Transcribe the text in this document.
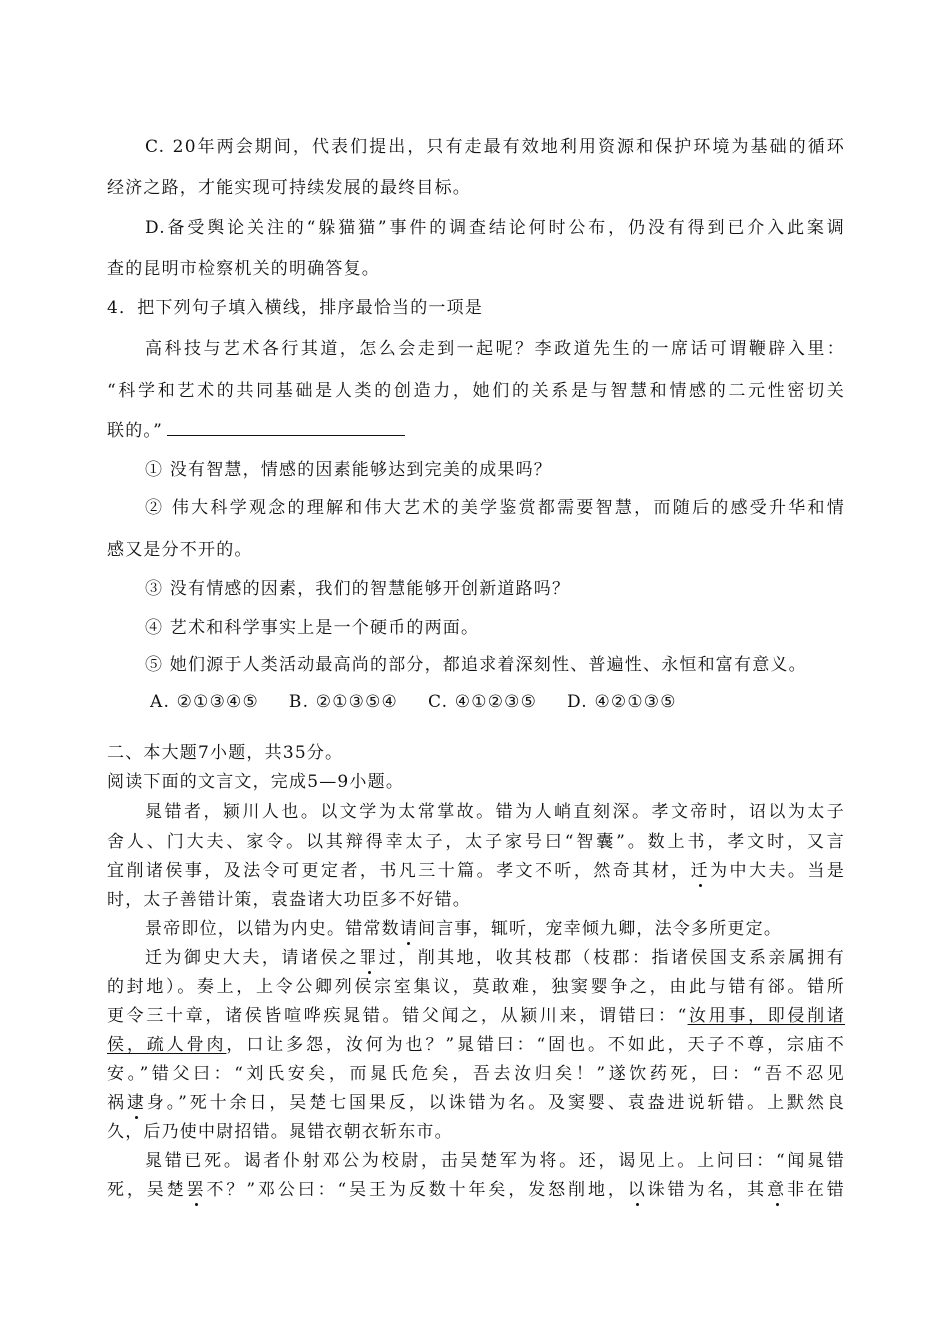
C. 20年两会期间，代表们提出，只有走最有效地利用资源和保护环境为基础的循环
经济之路，才能实现可持续发展的最终目标。
D.备受舆论关注的“躲猫猫”事件的调查结论何时公布，仍没有得到已介入此案调
查的昆明市检察机关的明确答复。
4．把下列句子填入横线，排序最恰当的一项是
高科技与艺术各行其道，怎么会走到一起呢？李政道先生的一席话可谓鞭辟入里：
“科学和艺术的共同基础是人类的创造力，她们的关系是与智慧和情感的二元性密切关
联的。”
① 没有智慧，情感的因素能够达到完美的成果吗？
② 伟大科学观念的理解和伟大艺术的美学鉴赏都需要智慧，而随后的感受升华和情
感又是分不开的。
③ 没有情感的因素，我们的智慧能够开创新道路吗？
④ 艺术和科学事实上是一个硬币的两面。
⑤ 她们源于人类活动最高尚的部分，都追求着深刻性、普遍性、永恒和富有意义。
A. ②①③④⑤ B. ②①③⑤④ C. ④①②③⑤ D. ④②①③⑤
二、本大题7小题，共35分。
阅读下面的文言文，完成5—9小题。
晁错者，颍川人也。以文学为太常掌故。错为人峭直刻深。孝文帝时，诏以为太子
舍人、门大夫、家令。以其辩得幸太子，太子家号曰“智囊”。数上书，孝文时，又言
宜削诸侯事，及法令可更定者，书凡三十篇。孝文不听，然奇其材，迁为中大夫。当是
时，太子善错计策，袁盎诸大功臣多不好错。
景帝即位，以错为内史。错常数请间言事，辄听，宠幸倾九卿，法令多所更定。
迁为御史大夫，请诸侯之罪过，削其地，收其枝郡（枝郡：指诸侯国支系亲属拥有
的封地）。奏上，上令公卿列侯宗室集议，莫敢难，独窦婴争之，由此与错有郤。错所
更令三十章，诸侯皆喧哗疾晁错。错父闻之，从颍川来，谓错曰：“汝用事，即侵削诸
侯，疏人骨肉，口让多怨，汝何为也？”晁错曰：“固也。不如此，天子不尊，宗庙不
安。”错父曰：“刘氏安矣，而晁氏危矣，吾去汝归矣！”遂饮药死，曰：“吾不忍见
祸逮身。”死十余日，吴楚七国果反，以诛错为名。及窦婴、袁盎进说斩错。上默然良
久，后乃使中尉招错。晁错衣朝衣斩东市。
晁错已死。谒者仆射邓公为校尉，击吴楚军为将。还，谒见上。上问曰：“闻晁错
死，吴楚罢不？”邓公曰：“吴王为反数十年矣，发怒削地，以诛错为名，其意非在错
